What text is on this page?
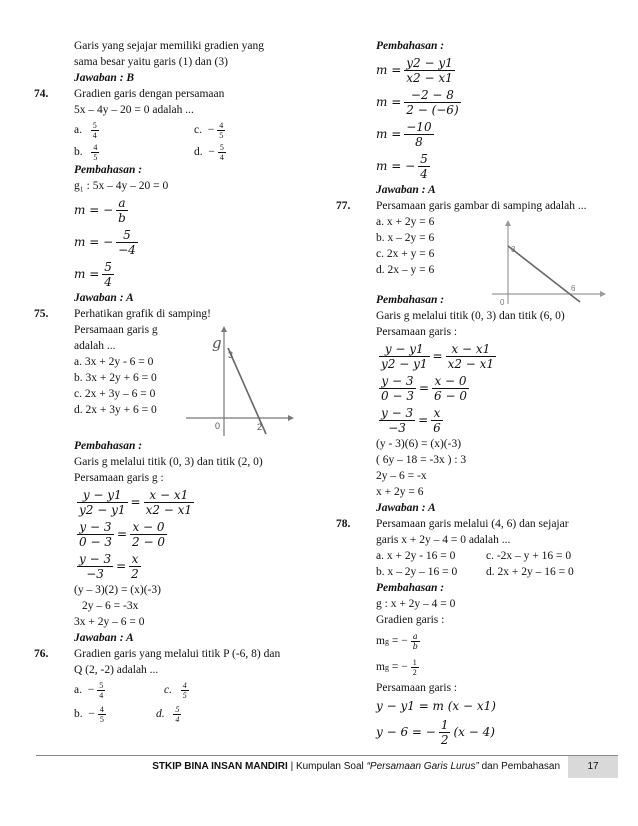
Garis yang sejajar memiliki gradien yang
sama besar yaitu garis (1) dan (3)
Jawaban : B
74. Gradien garis dengan persamaan
5x – 4y – 20 = 0 adalah ...
a. $\frac{5}{4}$	c. − $\frac{4}{5}$
b. $\frac{4}{5}$	d. − $\frac{5}{4}$
Pembahasan :
g₁ : 5x – 4y – 20 = 0
m = − $\frac{a}{b}$
m = − $\frac{5}{-4}$
$m = \frac{5}{4}$
Jawaban : A
75. Perhatikan grafik di samping!
Persamaan garis g
adalah ...
a. 3x + 2y - 6 = 0
b. 3x + 2y + 6 = 0
c. 2x + 3y – 6 = 0
d. 2x + 3y + 6 = 0
g
3
2
0
Pembahasan :
Garis g melalui titik (0, 3) dan titik (2, 0)
Persamaan garis g :
y − y1
y2 − y1
=
x − x1
x2 − x1
y − 3
0 − 3
=
x − 0
2 − 0
y − 3
−3
=
x
2
(y – 3)(2) = (x)(-3)
2y – 6 = -3x
3x + 2y – 6 = 0
Jawaban : A
76. Gradien garis yang melalui titik P (-6, 8) dan
Q (2, -2) adalah ...
a. − $\frac{5}{4}$	c. $\frac{4}{5}$
b. − $\frac{4}{5}$	d. $\frac{5}{4}$
Pembahasan :
$m = \frac{y2 - y1}{x2 - x1}$
$m = \frac{-2 - 8}{2 - (-6)}$
$m = \frac{-10}{8}$
m = − $\frac{5}{4}$
Jawaban : A
77. Persamaan garis gambar di samping adalah ...
a. x + 2y = 6
b. x – 2y = 6
c. 2x + y = 6
d. 2x – y = 6
3
6
0
Pembahasan :
Garis g melalui titik (0, 3) dan titik (6, 0)
Persamaan garis :
y − y1
y2 − y1
=
x − x1
x2 − x1
y − 3
0 − 3
=
x − 0
6 − 0
y − 3
−3
=
x
6
(y - 3)(6) = (x)(-3)
( 6y – 18 = -3x ) : 3
2y – 6 = -x
x + 2y = 6
Jawaban : A
78. Persamaan garis melalui (4, 6) dan sejajar
garis x + 2y – 4 = 0 adalah ...
a. x + 2y - 16 = 0	c. -2x – y + 16 = 0
b. x – 2y – 16 = 0	d. 2x + 2y – 16 = 0
Pembahasan :
g : x + 2y – 4 = 0
Gradien garis :
m g = − a
b
m g = − 1
2
Persamaan garis :
y − y1 = m (x − x1)
y − 6 = − $\frac{1}{2} (x - 4)$
STKIP BINA INSAN MANDIRI | Kumpulan Soal “Persamaan Garis Lurus” dan Pembahasan	17
